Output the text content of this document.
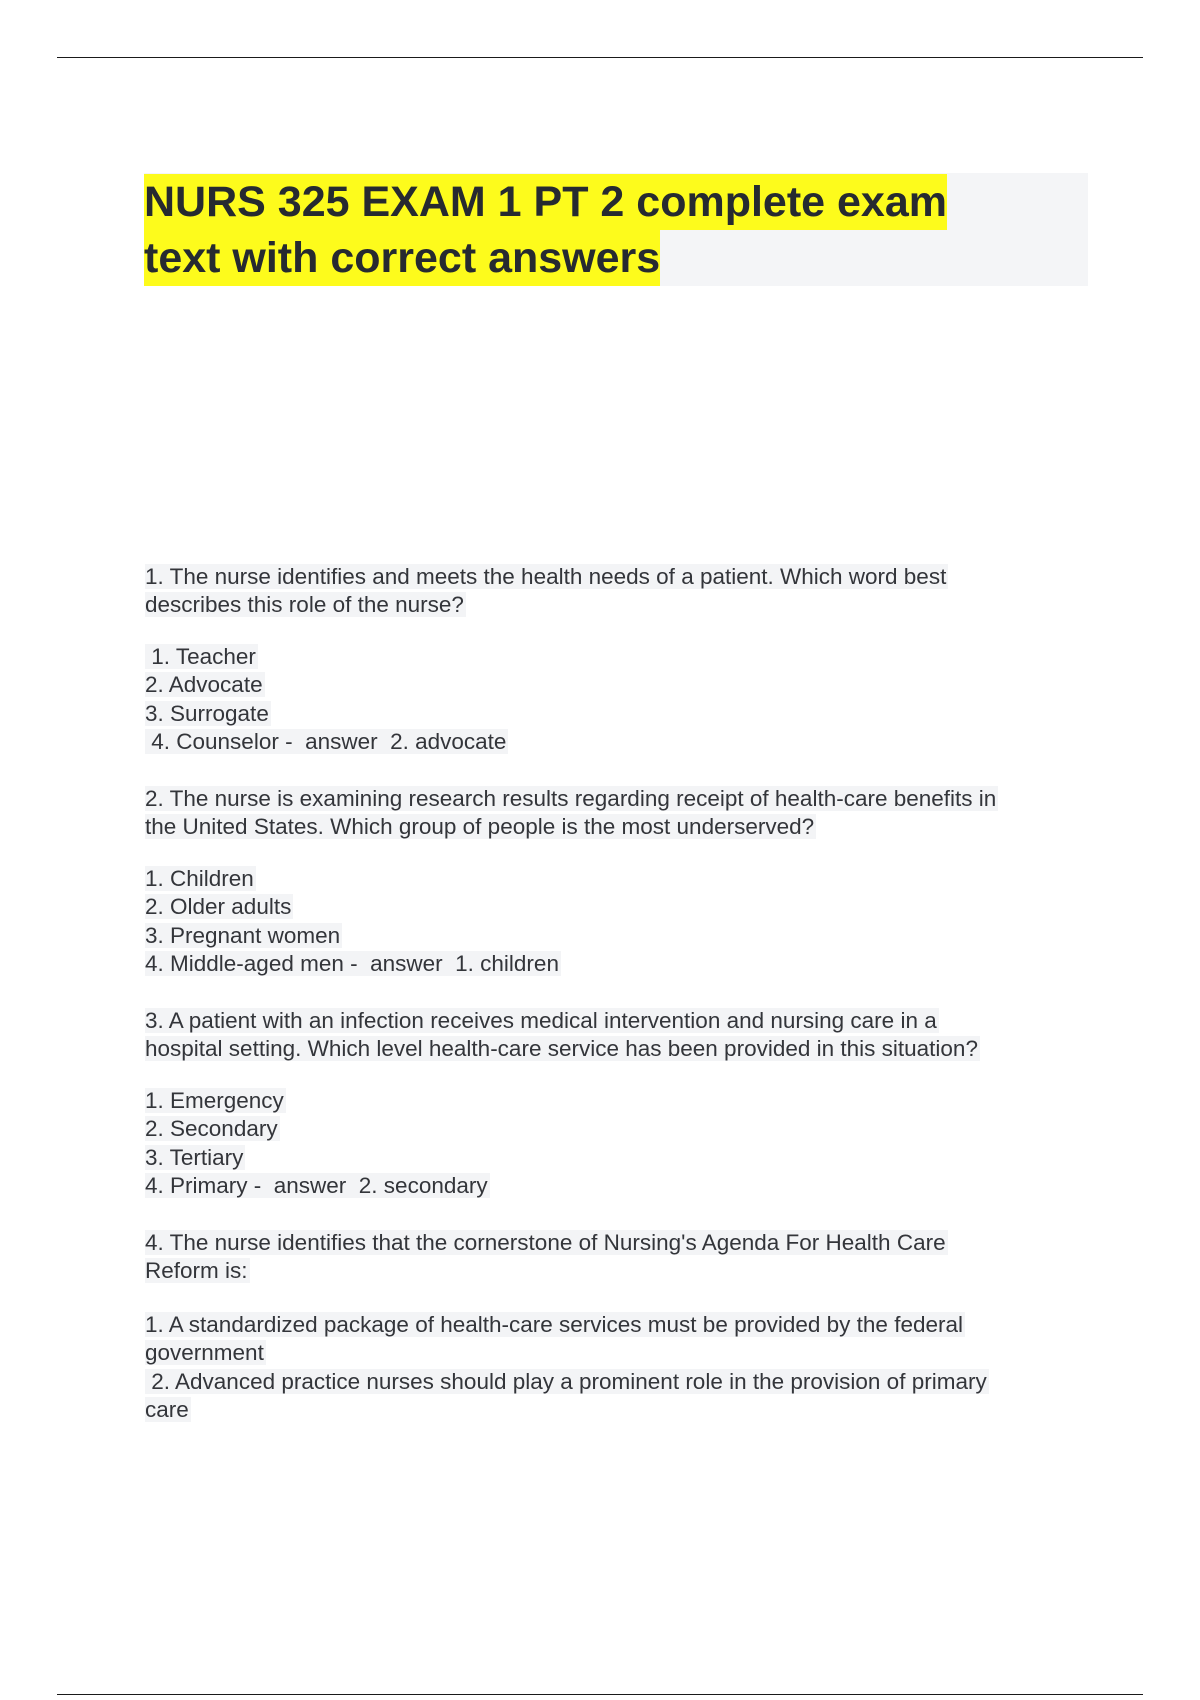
NURS 325 EXAM 1 PT 2 complete exam
text with correct answers
1. The nurse identifies and meets the health needs of a patient. Which word best
describes this role of the nurse?
1. Teacher
2. Advocate
3. Surrogate
4. Counselor -  answer  2. advocate
2. The nurse is examining research results regarding receipt of health-care benefits in
the United States. Which group of people is the most underserved?
1. Children
2. Older adults
3. Pregnant women
4. Middle-aged men -  answer  1. children
3. A patient with an infection receives medical intervention and nursing care in a
hospital setting. Which level health-care service has been provided in this situation?
1. Emergency
2. Secondary
3. Tertiary
4. Primary -  answer  2. secondary
4. The nurse identifies that the cornerstone of Nursing's Agenda For Health Care
Reform is:
1. A standardized package of health-care services must be provided by the federal
government
2. Advanced practice nurses should play a prominent role in the provision of primary
care
